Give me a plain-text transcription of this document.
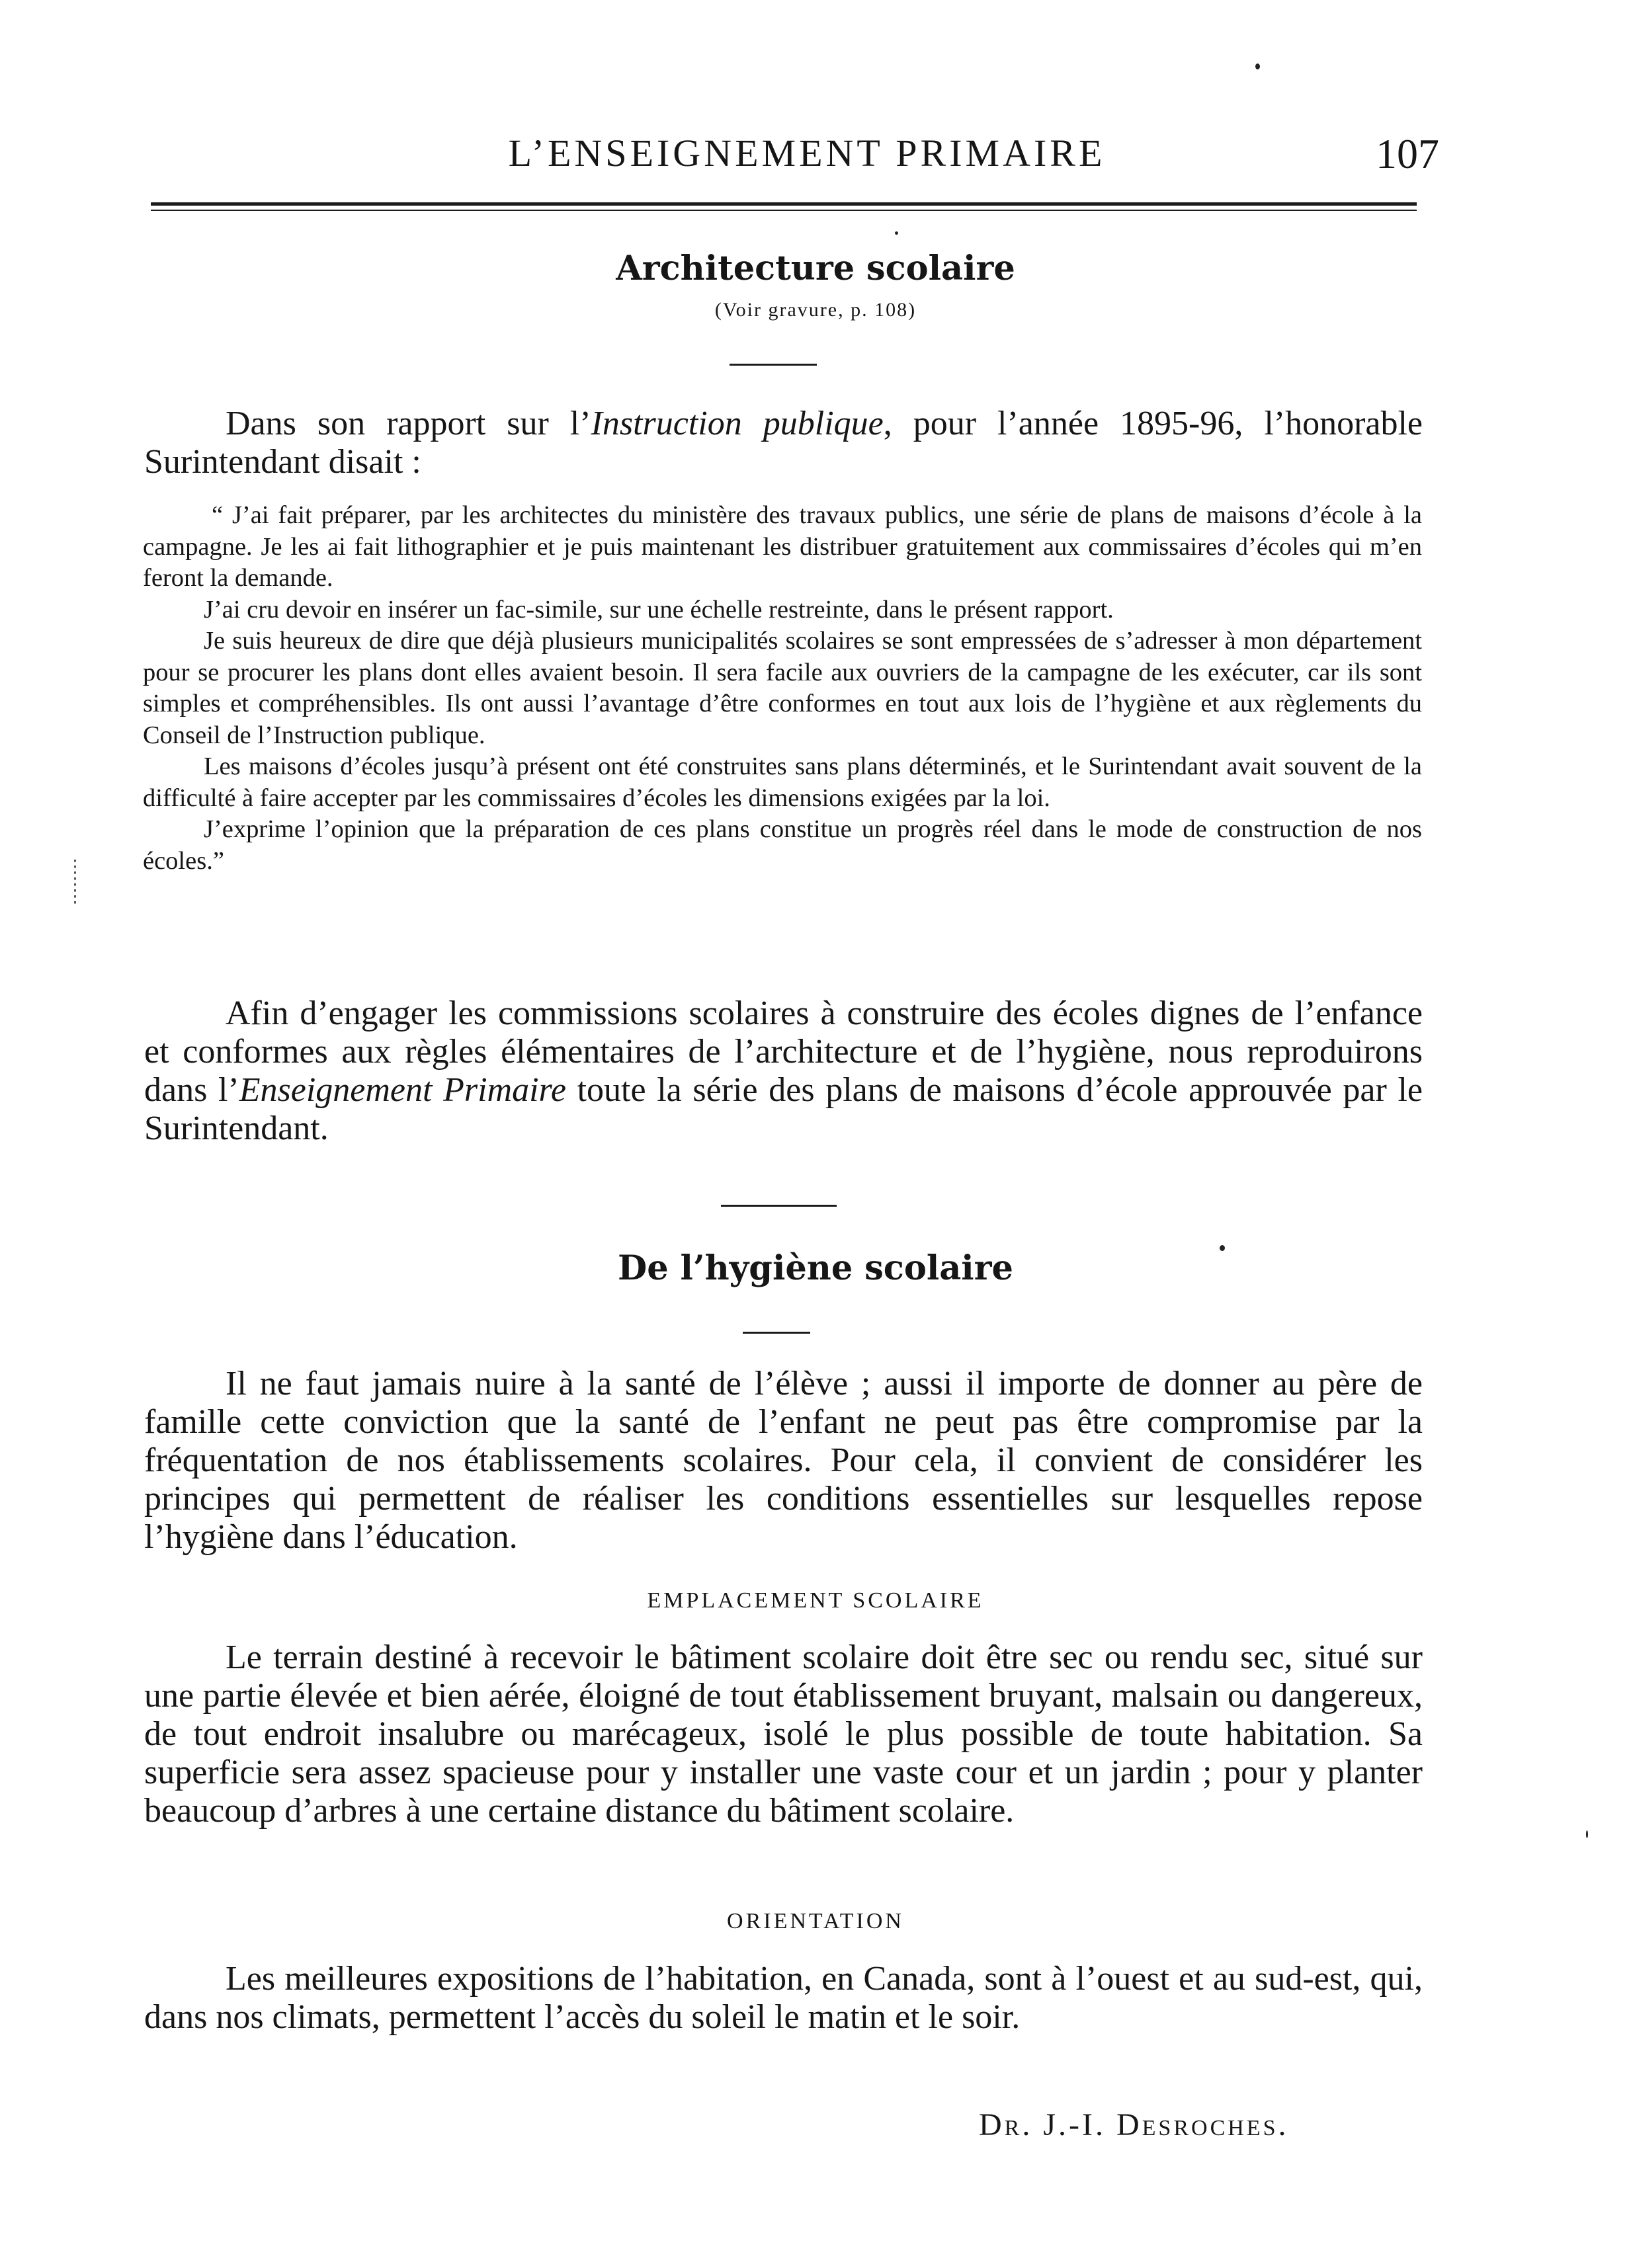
L’ENSEIGNEMENT PRIMAIRE	107
Architecture scolaire
(Voir gravure, p. 108)

Dans son rapport sur l’Instruction publique, pour l’année 1895-96, l’honorable Surintendant disait :

“ J’ai fait préparer, par les architectes du ministère des travaux publics, une série de plans de maisons d’école à la campagne. Je les ai fait lithographier et je puis maintenant les distribuer gratuitement aux commissaires d’écoles qui m’en feront la demande.

J’ai cru devoir en insérer un fac-simile, sur une échelle restreinte, dans le présent rapport.

Je suis heureux de dire que déjà plusieurs municipalités scolaires se sont empressées de s’adresser à mon département pour se procurer les plans dont elles avaient besoin. Il sera facile aux ouvriers de la campagne de les exécuter, car ils sont simples et compréhensibles. Ils ont aussi l’avantage d’être conformes en tout aux lois de l’hygiène et aux règlements du Conseil de l’Instruction publique.

Les maisons d’écoles jusqu’à présent ont été construites sans plans déterminés, et le Surintendant avait souvent de la difficulté à faire accepter par les commissaires d’écoles les dimensions exigées par la loi.

J’exprime l’opinion que la préparation de ces plans constitue un progrès réel dans le mode de construction de nos écoles.”

Afin d’engager les commissions scolaires à construire des écoles dignes de l’enfance et conformes aux règles élémentaires de l’architecture et de l’hygiène, nous reproduirons dans l’Enseignement Primaire toute la série des plans de maisons d’école approuvée par le Surintendant.

De l’hygiène scolaire

Il ne faut jamais nuire à la santé de l’élève ; aussi il importe de donner au père de famille cette conviction que la santé de l’enfant ne peut pas être compromise par la fréquentation de nos établissements scolaires. Pour cela, il convient de considérer les principes qui permettent de réaliser les conditions essentielles sur lesquelles repose l’hygiène dans l’éducation.

EMPLACEMENT SCOLAIRE

Le terrain destiné à recevoir le bâtiment scolaire doit être sec ou rendu sec, situé sur une partie élevée et bien aérée, éloigné de tout établissement bruyant, malsain ou dangereux, de tout endroit insalubre ou marécageux, isolé le plus possible de toute habitation. Sa superficie sera assez spacieuse pour y installer une vaste cour et un jardin ; pour y planter beaucoup d’arbres à une certaine distance du bâtiment scolaire.

ORIENTATION

Les meilleures expositions de l’habitation, en Canada, sont à l’ouest et au sud-est, qui, dans nos climats, permettent l’accès du soleil le matin et le soir.

Dr. J.-I. Desroches.
